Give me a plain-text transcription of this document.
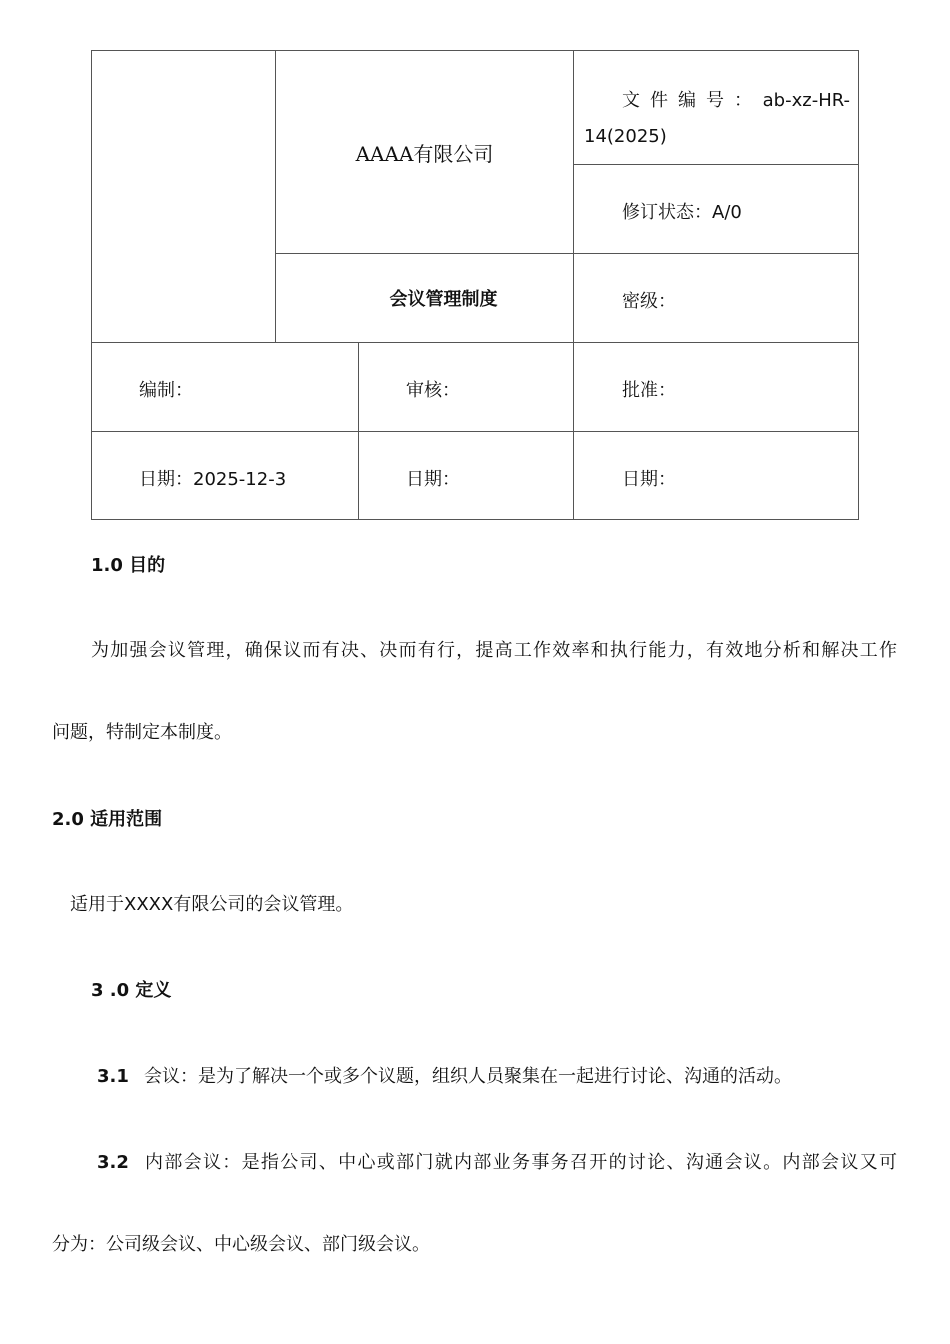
AAAA有限公司
文件编号： ab-xz-HR-
14(2025)
修订状态：A/0
会议管理制度	密级：
编制：	审核：	批准：
日期：2025-12-3	日期：	日期：
1.0 目的
为加强会议管理，确保议而有决、决而有行，提高工作效率和执行能力，有效地分析和解决工作
问题，特制定本制度。
2.0 适用范围
适用于XXXX有限公司的会议管理。
3 .0 定义
3.1 会议：是为了解决一个或多个议题，组织人员聚集在一起进行讨论、沟通的活动。
3.2 内部会议：是指公司、中心或部门就内部业务事务召开的讨论、沟通会议。内部会议又可
分为：公司级会议、中心级会议、部门级会议。
